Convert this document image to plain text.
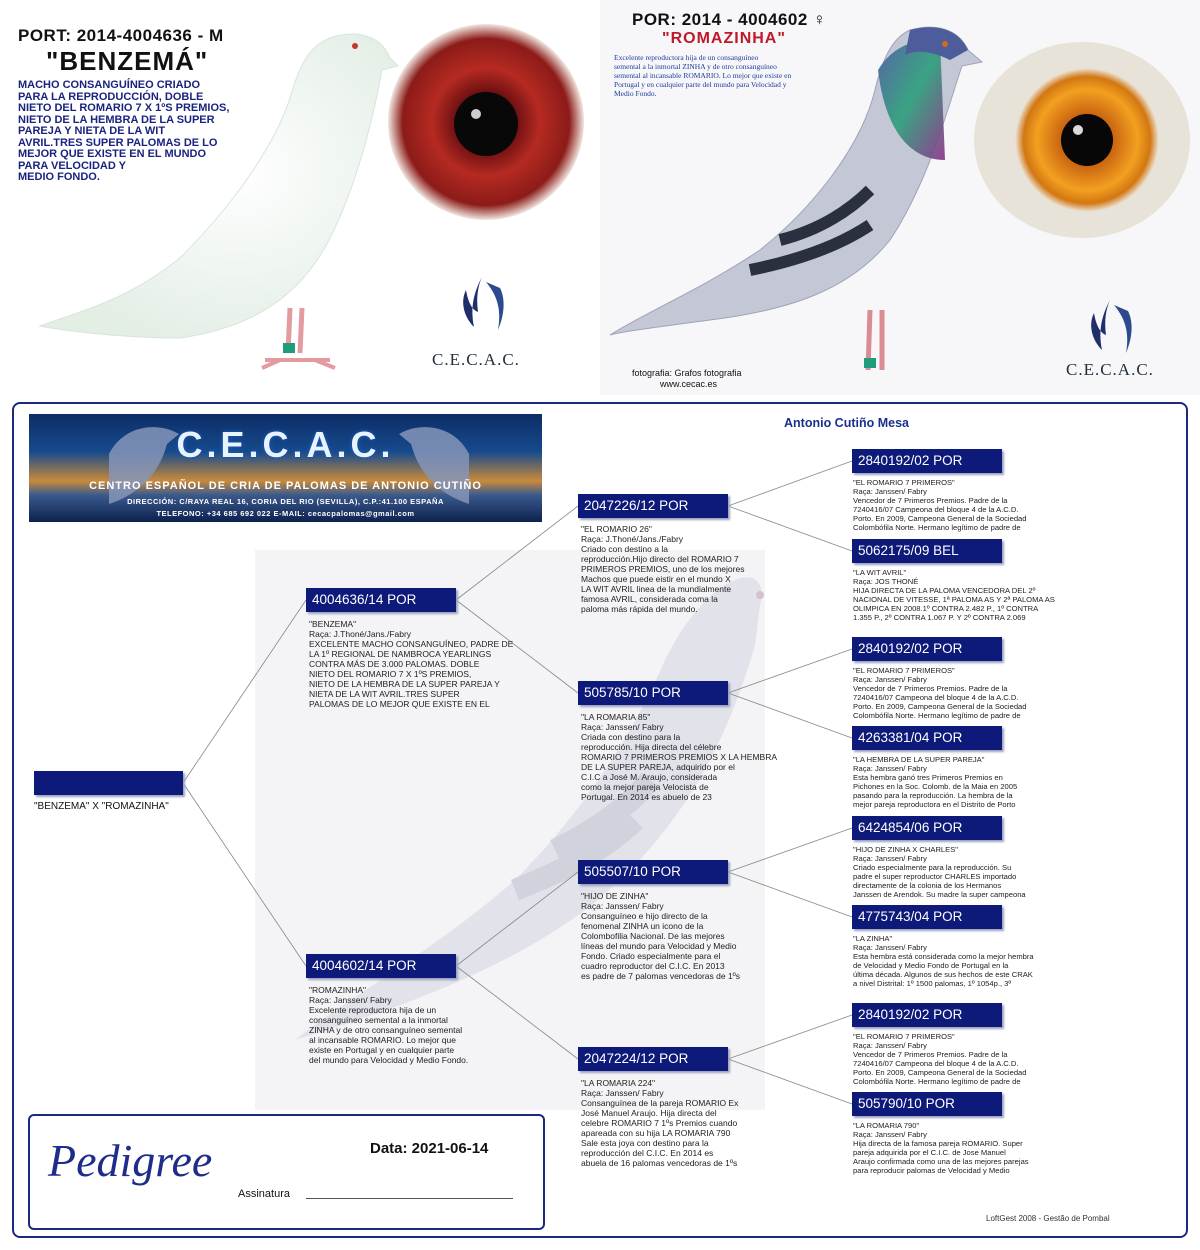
PORT: 2014-4004636 - M
"BENZEMÁ"
MACHO CONSANGUÍNEO CRIADO
PARA LA REPRODUCCIÓN, DOBLE
NIETO DEL ROMARIO 7 X 1ºS PREMIOS,
NIETO DE LA HEMBRA DE LA SUPER
PAREJA Y NIETA DE LA WIT
AVRIL.TRES SUPER PALOMAS DE LO
MEJOR QUE EXISTE EN EL MUNDO
PARA VELOCIDAD Y
MEDIO FONDO.
C.E.C.A.C.
POR: 2014 - 4004602 ♀
"ROMAZINHA"
Excelente reproductora hija de un consanguíneo
semental a la inmortal ZINHA y de otro consanguíneo
semental al incansable ROMARIO. Lo mejor que existe en
Portugal y en cualquier parte del mundo para Velocidad y
Medio Fondo.
C.E.C.A.C.
fotografia: Grafos fotografia
www.cecac.es
Antonio Cutiño Mesa
C.E.C.A.C.
CENTRO ESPAÑOL DE CRIA DE PALOMAS DE ANTONIO CUTIÑO
DIRECCIÓN: C/RAYA REAL 16, CORIA DEL RIO (SEVILLA), C.P.:41.100 ESPAÑA
TELEFONO: +34 685 692 022 E-MAIL: cecacpalomas@gmail.com
"BENZEMA" X "ROMAZINHA"
4004636/14 POR
"BENZEMA"
Raça: J.Thoné/Jans./Fabry
EXCELENTE MACHO CONSANGUÍNEO, PADRE DE
LA 1º REGIONAL DE NAMBROCA YEARLINGS
CONTRA MÁS DE 3.000 PALOMAS. DOBLE
NIETO DEL ROMARIO 7 X 1ºS PREMIOS,
NIETO DE LA HEMBRA DE LA SUPER PAREJA Y
NIETA DE LA WIT AVRIL.TRES SUPER
PALOMAS DE LO MEJOR QUE EXISTE EN EL
4004602/14 POR
"ROMAZINHA"
Raça: Janssen/ Fabry
Excelente reproductora hija de un
consanguíneo semental a la inmortal
ZINHA y de otro consanguíneo semental
al incansable ROMARIO. Lo mejor que
existe en Portugal y en cualquier parte
del mundo para Velocidad y Medio Fondo.
2047226/12 POR
"EL ROMARIO 26"
Raça: J.Thoné/Jans./Fabry
Criado con destino a la
reproducción.Hijo directo del ROMARIO 7
PRIMEROS PREMIOS, uno de los mejores
Machos que puede eistir en el mundo X
LA WIT AVRIL linea de la mundialmente
famosa AVRIL, considerada coma la
paloma más rápida del mundo.
505785/10 POR
"LA ROMARIA 85"
Raça: Janssen/ Fabry
Criada con destino para la
reproducción. Hija directa del célebre
ROMARIO 7 PRIMEROS PREMIOS X LA HEMBRA
DE LA SUPER PAREJA, adquirido por el
C.I.C a José M. Araujo, considerada
como la mejor pareja Velocista de
Portugal. En 2014 es abuelo de 23
505507/10 POR
"HIJO DE ZINHA"
Raça: Janssen/ Fabry
Consanguíneo e hijo directo de la
fenomenal ZINHA un icono de la
Colombofilia Nacional. De las mejores
líneas del mundo para Velocidad y Medio
Fondo. Criado especialmente para el
cuadro reproductor del C.I.C. En 2013
es padre de 7 palomas vencedoras de 1ºs
2047224/12 POR
"LA ROMARIA 224"
Raça: Janssen/ Fabry
Consanguínea de la pareja ROMARIO Ex
José Manuel Araujo. Hija directa del
celebre ROMARIO 7 1ºs Premios cuando
apareada con su hija LA ROMARIA 790
Sale esta joya con destino para la
reproducción del C.I.C. En 2014 es
abuela de 16 palomas vencedoras de 1ºs
2840192/02 POR
"EL ROMARIO 7 PRIMEROS"
Raça: Janssen/ Fabry
Vencedor de 7 Primeros Premios. Padre de la
7240416/07 Campeona del bloque 4 de la A.C.D.
Porto. En 2009, Campeona General de la Sociedad
Colombófila Norte. Hermano legítimo de padre de
5062175/09 BEL
"LA WIT AVRIL"
Raça: JOS THONÉ
HIJA DIRECTA DE LA PALOMA VENCEDORA DEL 2º
NACIONAL DE VITESSE, 1ª PALOMA AS Y 2ª PALOMA AS
OLIMPICA EN 2008.1º CONTRA 2.482 P., 1º CONTRA
1.355 P., 2º CONTRA 1.067 P. Y 2º CONTRA 2.069
2840192/02 POR
"EL ROMARIO 7 PRIMEROS"
Raça: Janssen/ Fabry
Vencedor de 7 Primeros Premios. Padre de la
7240416/07 Campeona del bloque 4 de la A.C.D.
Porto. En 2009, Campeona General de la Sociedad
Colombófila Norte. Hermano legítimo de padre de
4263381/04 POR
"LA HEMBRA DE LA SUPER PAREJA"
Raça: Janssen/ Fabry
Esta hembra ganó tres Primeros Premios en
Pichones en la Soc. Colomb. de la Maia en 2005
pasando para la reproducción. La hembra de la
mejor pareja reproductora en el Distrito de Porto
6424854/06 POR
"HIJO DE ZINHA X CHARLES"
Raça: Janssen/ Fabry
Criado especialmente para la reproducción. Su
padre el super reproductor CHARLES importado
directamente de la colonia de los Hermanos
Janssen de Arendok. Su madre la super campeona
4775743/04 POR
"LA ZINHA"
Raça: Janssen/ Fabry
Esta hembra está considerada como la mejor hembra
de Velocidad y Medio Fondo de Portugal en la
última década. Algunos de sus hechos de este CRAK
a nivel Distrital: 1º 1500 palomas, 1º 1054p., 3º
2840192/02 POR
"EL ROMARIO 7 PRIMEROS"
Raça: Janssen/ Fabry
Vencedor de 7 Primeros Premios. Padre de la
7240416/07 Campeona del bloque 4 de la A.C.D.
Porto. En 2009, Campeona General de la Sociedad
Colombófila Norte. Hermano legítimo de padre de
505790/10 POR
"LA ROMARIA 790"
Raça: Janssen/ Fabry
Hija directa de la famosa pareja ROMARIO. Super
pareja adquirida por el C.I.C. de Jose Manuel
Araujo confirmada como una de las mejores parejas
para reproducir palomas de Velocidad y Medio
Pedigree	Data: 2021-06-14
Assinatura
LoftGest 2008 - Gestão de Pombal
